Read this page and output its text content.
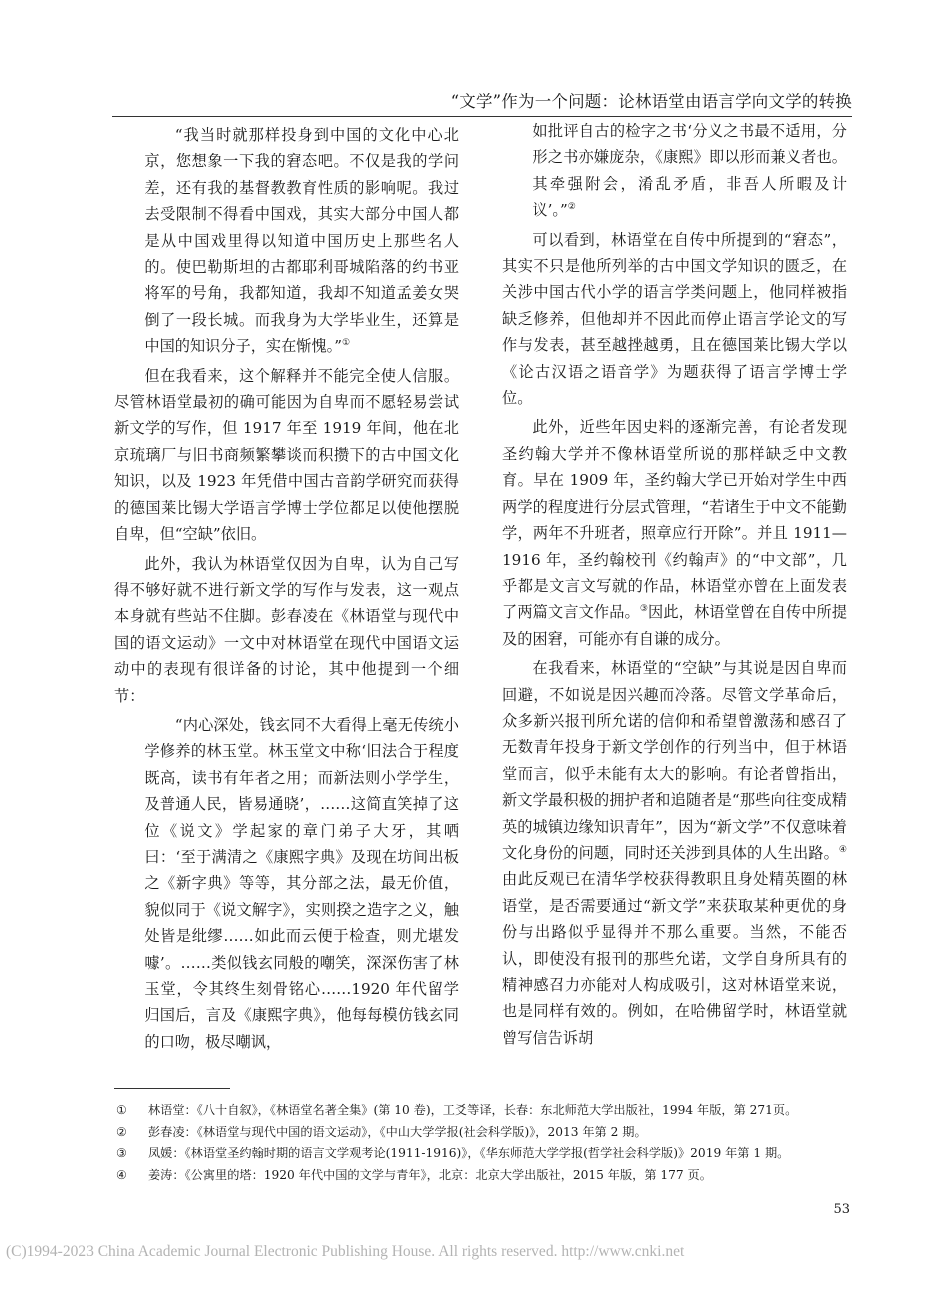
“文学”作为一个问题：论林语堂由语言学向文学的转换

“我当时就那样投身到中国的文化中心北京，您想象一下我的窘态吧。不仅是我的学问差，还有我的基督教教育性质的影响呢。我过去受限制不得看中国戏，其实大部分中国人都是从中国戏里得以知道中国历史上那些名人的。使巴勒斯坦的古都耶利哥城陷落的约书亚将军的号角，我都知道，我却不知道孟姜女哭倒了一段长城。而我身为大学毕业生，还算是中国的知识分子，实在惭愧。”①

但在我看来，这个解释并不能完全使人信服。尽管林语堂最初的确可能因为自卑而不愿轻易尝试新文学的写作，但 1917 年至 1919 年间，他在北京琉璃厂与旧书商频繁攀谈而积攒下的古中国文化知识，以及 1923 年凭借中国古音韵学研究而获得的德国莱比锡大学语言学博士学位都足以使他摆脱自卑，但“空缺”依旧。

此外，我认为林语堂仅因为自卑，认为自己写得不够好就不进行新文学的写作与发表，这一观点本身就有些站不住脚。彭春凌在《林语堂与现代中国的语文运动》一文中对林语堂在现代中国语文运动中的表现有很详备的讨论，其中他提到一个细节：

“内心深处，钱玄同不大看得上毫无传统小学修养的林玉堂。林玉堂文中称‘旧法合于程度既高，读书有年者之用；而新法则小学学生，及普通人民，皆易通晓’，……这简直笑掉了这位《说文》学起家的章门弟子大牙，其哂曰：‘至于满清之《康熙字典》及现在坊间出板之《新字典》等等，其分部之法，最无价值，貌似同于《说文解字》，实则揆之造字之义，触处皆是纰缪……如此而云便于检查，则尤堪发噱’。……类似钱玄同般的嘲笑，深深伤害了林玉堂，令其终生刻骨铭心……1920 年代留学归国后，言及《康熙字典》，他每每模仿钱玄同的口吻，极尽嘲讽，

如批评自古的检字之书‘分义之书最不适用，分形之书亦嫌庞杂，《康熙》即以形而兼义者也。其牵强附会，淆乱矛盾，非吾人所暇及计议’。”②

可以看到，林语堂在自传中所提到的“窘态”，其实不只是他所列举的古中国文学知识的匮乏，在关涉中国古代小学的语言学类问题上，他同样被指缺乏修养，但他却并不因此而停止语言学论文的写作与发表，甚至越挫越勇，且在德国莱比锡大学以《论古汉语之语音学》为题获得了语言学博士学位。

此外，近些年因史料的逐渐完善，有论者发现圣约翰大学并不像林语堂所说的那样缺乏中文教育。早在 1909 年，圣约翰大学已开始对学生中西两学的程度进行分层式管理，“若诸生于中文不能勤学，两年不升班者，照章应行开除”。并且 1911—1916 年，圣约翰校刊《约翰声》的“中文部”，几乎都是文言文写就的作品，林语堂亦曾在上面发表了两篇文言文作品。③因此，林语堂曾在自传中所提及的困窘，可能亦有自谦的成分。

在我看来，林语堂的“空缺”与其说是因自卑而回避，不如说是因兴趣而冷落。尽管文学革命后，众多新兴报刊所允诺的信仰和希望曾激荡和感召了无数青年投身于新文学创作的行列当中，但于林语堂而言，似乎未能有太大的影响。有论者曾指出，新文学最积极的拥护者和追随者是“那些向往变成精英的城镇边缘知识青年”，因为“新文学”不仅意味着文化身份的问题，同时还关涉到具体的人生出路。④由此反观已在清华学校获得教职且身处精英圈的林语堂，是否需要通过“新文学”来获取某种更优的身份与出路似乎显得并不那么重要。当然，不能否认，即使没有报刊的那些允诺，文学自身所具有的精神感召力亦能对人构成吸引，这对林语堂来说，也是同样有效的。例如，在哈佛留学时，林语堂就曾写信告诉胡

①	林语堂：《八十自叙》，《林语堂名著全集》(第 10 卷)，工爻等译，长春：东北师范大学出版社，1994 年版，第 271页。
②	彭春凌：《林语堂与现代中国的语文运动》，《中山大学学报(社会科学版)》，2013 年第 2 期。
③	凤媛：《林语堂圣约翰时期的语言文学观考论(1911-1916)》，《华东师范大学学报(哲学社会科学版)》2019 年第 1 期。
④	姜涛：《公寓里的塔：1920 年代中国的文学与青年》，北京：北京大学出版社，2015 年版，第 177 页。
53
(C)1994-2023 China Academic Journal Electronic Publishing House. All rights reserved. http://www.cnki.net
